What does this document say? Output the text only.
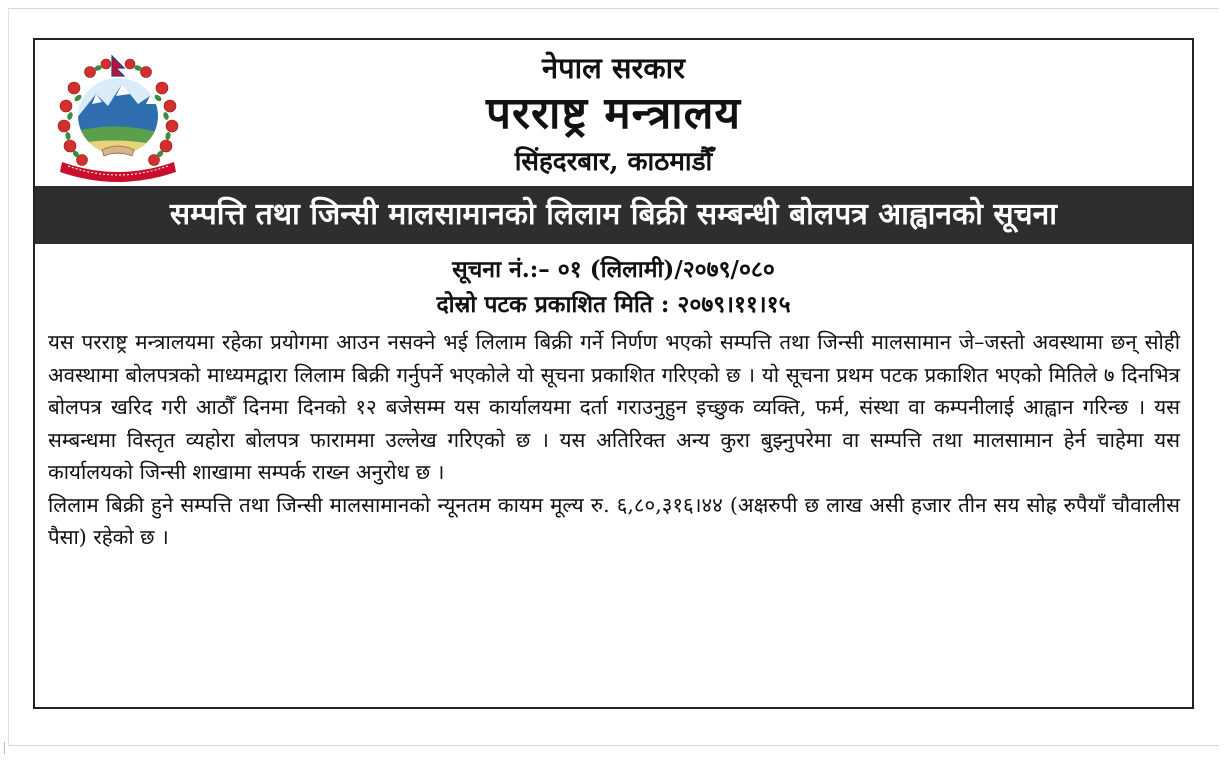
नेपाल सरकार
परराष्ट्र मन्त्रालय
सिंहदरबार, काठमाडौँ
सम्पत्ति तथा जिन्सी मालसामानको लिलाम बिक्री सम्बन्धी बोलपत्र आह्वानको सूचना
सूचना नं.:– ०१ (लिलामी)/२०७९/०८०
दोस्रो पटक प्रकाशित मिति : २०७९।११।१५

यस परराष्ट्र मन्त्रालयमा रहेका प्रयोगमा आउन नसक्ने भई लिलाम बिक्री गर्ने निर्णण भएको सम्पत्ति तथा जिन्सी मालसामान जे–जस्तो अवस्थामा छन् सोही अवस्थामा बोलपत्रको माध्यमद्वारा लिलाम बिक्री गर्नुपर्ने भएकोले यो सूचना प्रकाशित गरिएको छ । यो सूचना प्रथम पटक प्रकाशित भएको मितिले ७ दिनभित्र बोलपत्र खरिद गरी आठौँ दिनमा दिनको १२ बजेसम्म यस कार्यालयमा दर्ता गराउनुहुन इच्छुक व्यक्ति, फर्म, संस्था वा कम्पनीलाई आह्वान गरिन्छ । यस सम्बन्धमा विस्तृत व्यहोरा बोलपत्र फाराममा उल्लेख गरिएको छ । यस अतिरिक्त अन्य कुरा बुझ्नुपरेमा वा सम्पत्ति तथा मालसामान हेर्न चाहेमा यस कार्यालयको जिन्सी शाखामा सम्पर्क राख्न अनुरोध छ ।

लिलाम बिक्री हुने सम्पत्ति तथा जिन्सी मालसामानको न्यूनतम कायम मूल्य रु. ६,८०,३१६।४४ (अक्षरुपी छ लाख असी हजार तीन सय सोह्र रुपैयाँ चौवालीस पैसा) रहेको छ ।
